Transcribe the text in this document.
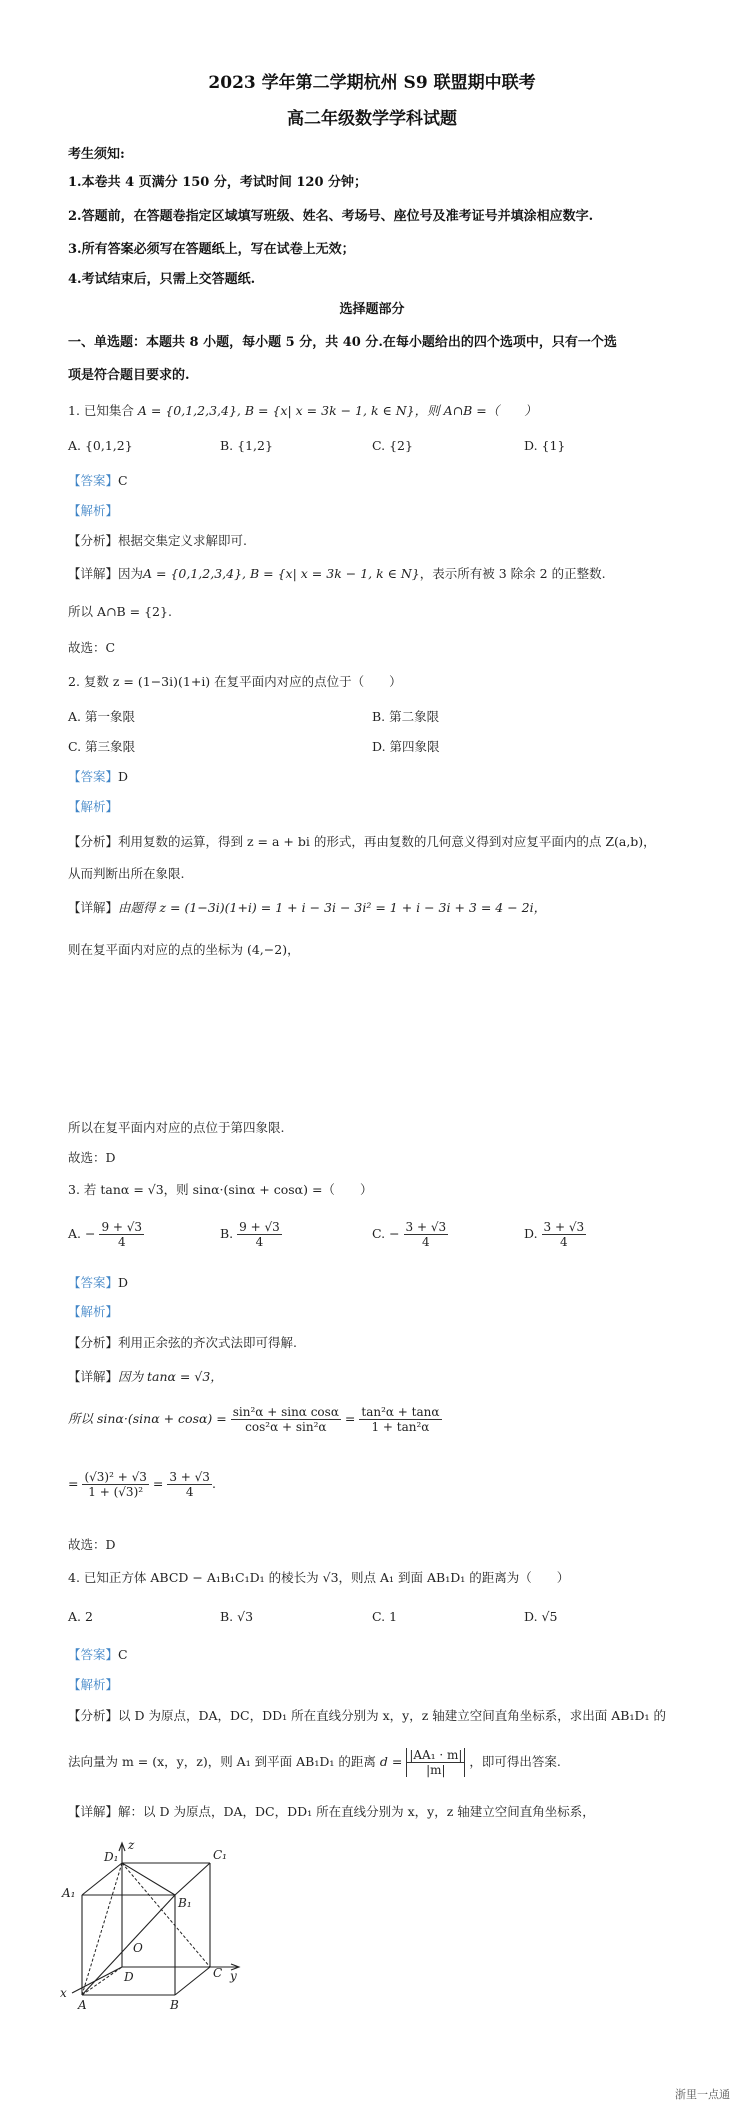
2023 学年第二学期杭州 S9 联盟期中联考
高二年级数学学科试题
考生须知:
1.本卷共 4 页满分 150 分，考试时间 120 分钟；
2.答题前，在答题卷指定区域填写班级、姓名、考场号、座位号及准考证号并填涂相应数字.
3.所有答案必须写在答题纸上，写在试卷上无效；
4.考试结束后，只需上交答题纸.
选择题部分
一、单选题：本题共 8 小题，每小题 5 分，共 40 分.在每小题给出的四个选项中，只有一个选
项是符合题目要求的.
1. 已知集合 A = {0,1,2,3,4}, B = {x| x = 3k − 1, k ∈ N}，则 A∩B =（　　）
A. {0,1,2}	B. {1,2}	C. {2}	D. {1}
【答案】C
【解析】
【分析】根据交集定义求解即可.
【详解】因为A = {0,1,2,3,4}, B = {x| x = 3k − 1, k ∈ N}，表示所有被 3 除余 2 的正整数.
所以 A∩B = {2}.
故选：C
2. 复数 z = (1−3i)(1+i) 在复平面内对应的点位于（　　）
A. 第一象限	B. 第二象限
C. 第三象限	D. 第四象限
【答案】D
【解析】
【分析】利用复数的运算，得到 z = a + bi 的形式，再由复数的几何意义得到对应复平面内的点 Z(a,b)，
从而判断出所在象限.
【详解】由题得 z = (1−3i)(1+i) = 1 + i − 3i − 3i² = 1 + i − 3i + 3 = 4 − 2i，
则在复平面内对应的点的坐标为 (4,−2)，
所以在复平面内对应的点位于第四象限.
故选：D
3. 若 tanα = √3，则 sinα·(sinα + cosα) =（　　）
A. − $\frac{9 + √3}{4}$	B. $\frac{9 + √3}{4}$	C. − $\frac{3 + √3}{4}$	D. $\frac{3 + √3}{4}$
【答案】D
【解析】
【分析】利用正余弦的齐次式法即可得解.
【详解】因为 tanα = √3，
所以 $\sin\alpha\cdot(\sin\alpha + \cos\alpha) = \frac{\text{sin²α + sinα cosα}}{\text{cos²α + sin²α}} = \frac{\text{tan²α + tanα}}{\text{1 + tan²α}}$
= $\frac{\text{(√3)² + √3}}{\text{1 + (√3)²}} = \frac{3 + √3}{4}$ .
故选：D
4. 已知正方体 ABCD − A₁B₁C₁D₁ 的棱长为 √3，则点 A₁ 到面 AB₁D₁ 的距离为（　　）
A. 2	B. √3	C. 1	D. √5
【答案】C
【解析】
【分析】以 D 为原点，DA，DC，DD₁ 所在直线分别为 x，y，z 轴建立空间直角坐标系，求出面 AB₁D₁ 的
法向量为 m = (x，y，z)，则 A₁ 到平面 AB₁D₁ 的距离 $d = \frac{\text{|AA₁ · m|}}{|m|}$ ，即可得出答案.
【详解】解：以 D 为原点，DA，DC，DD₁ 所在直线分别为 x，y，z 轴建立空间直角坐标系，
z
D₁	C₁
A₁
B₁
O
D	C y
x
A	B
浙里一点通
